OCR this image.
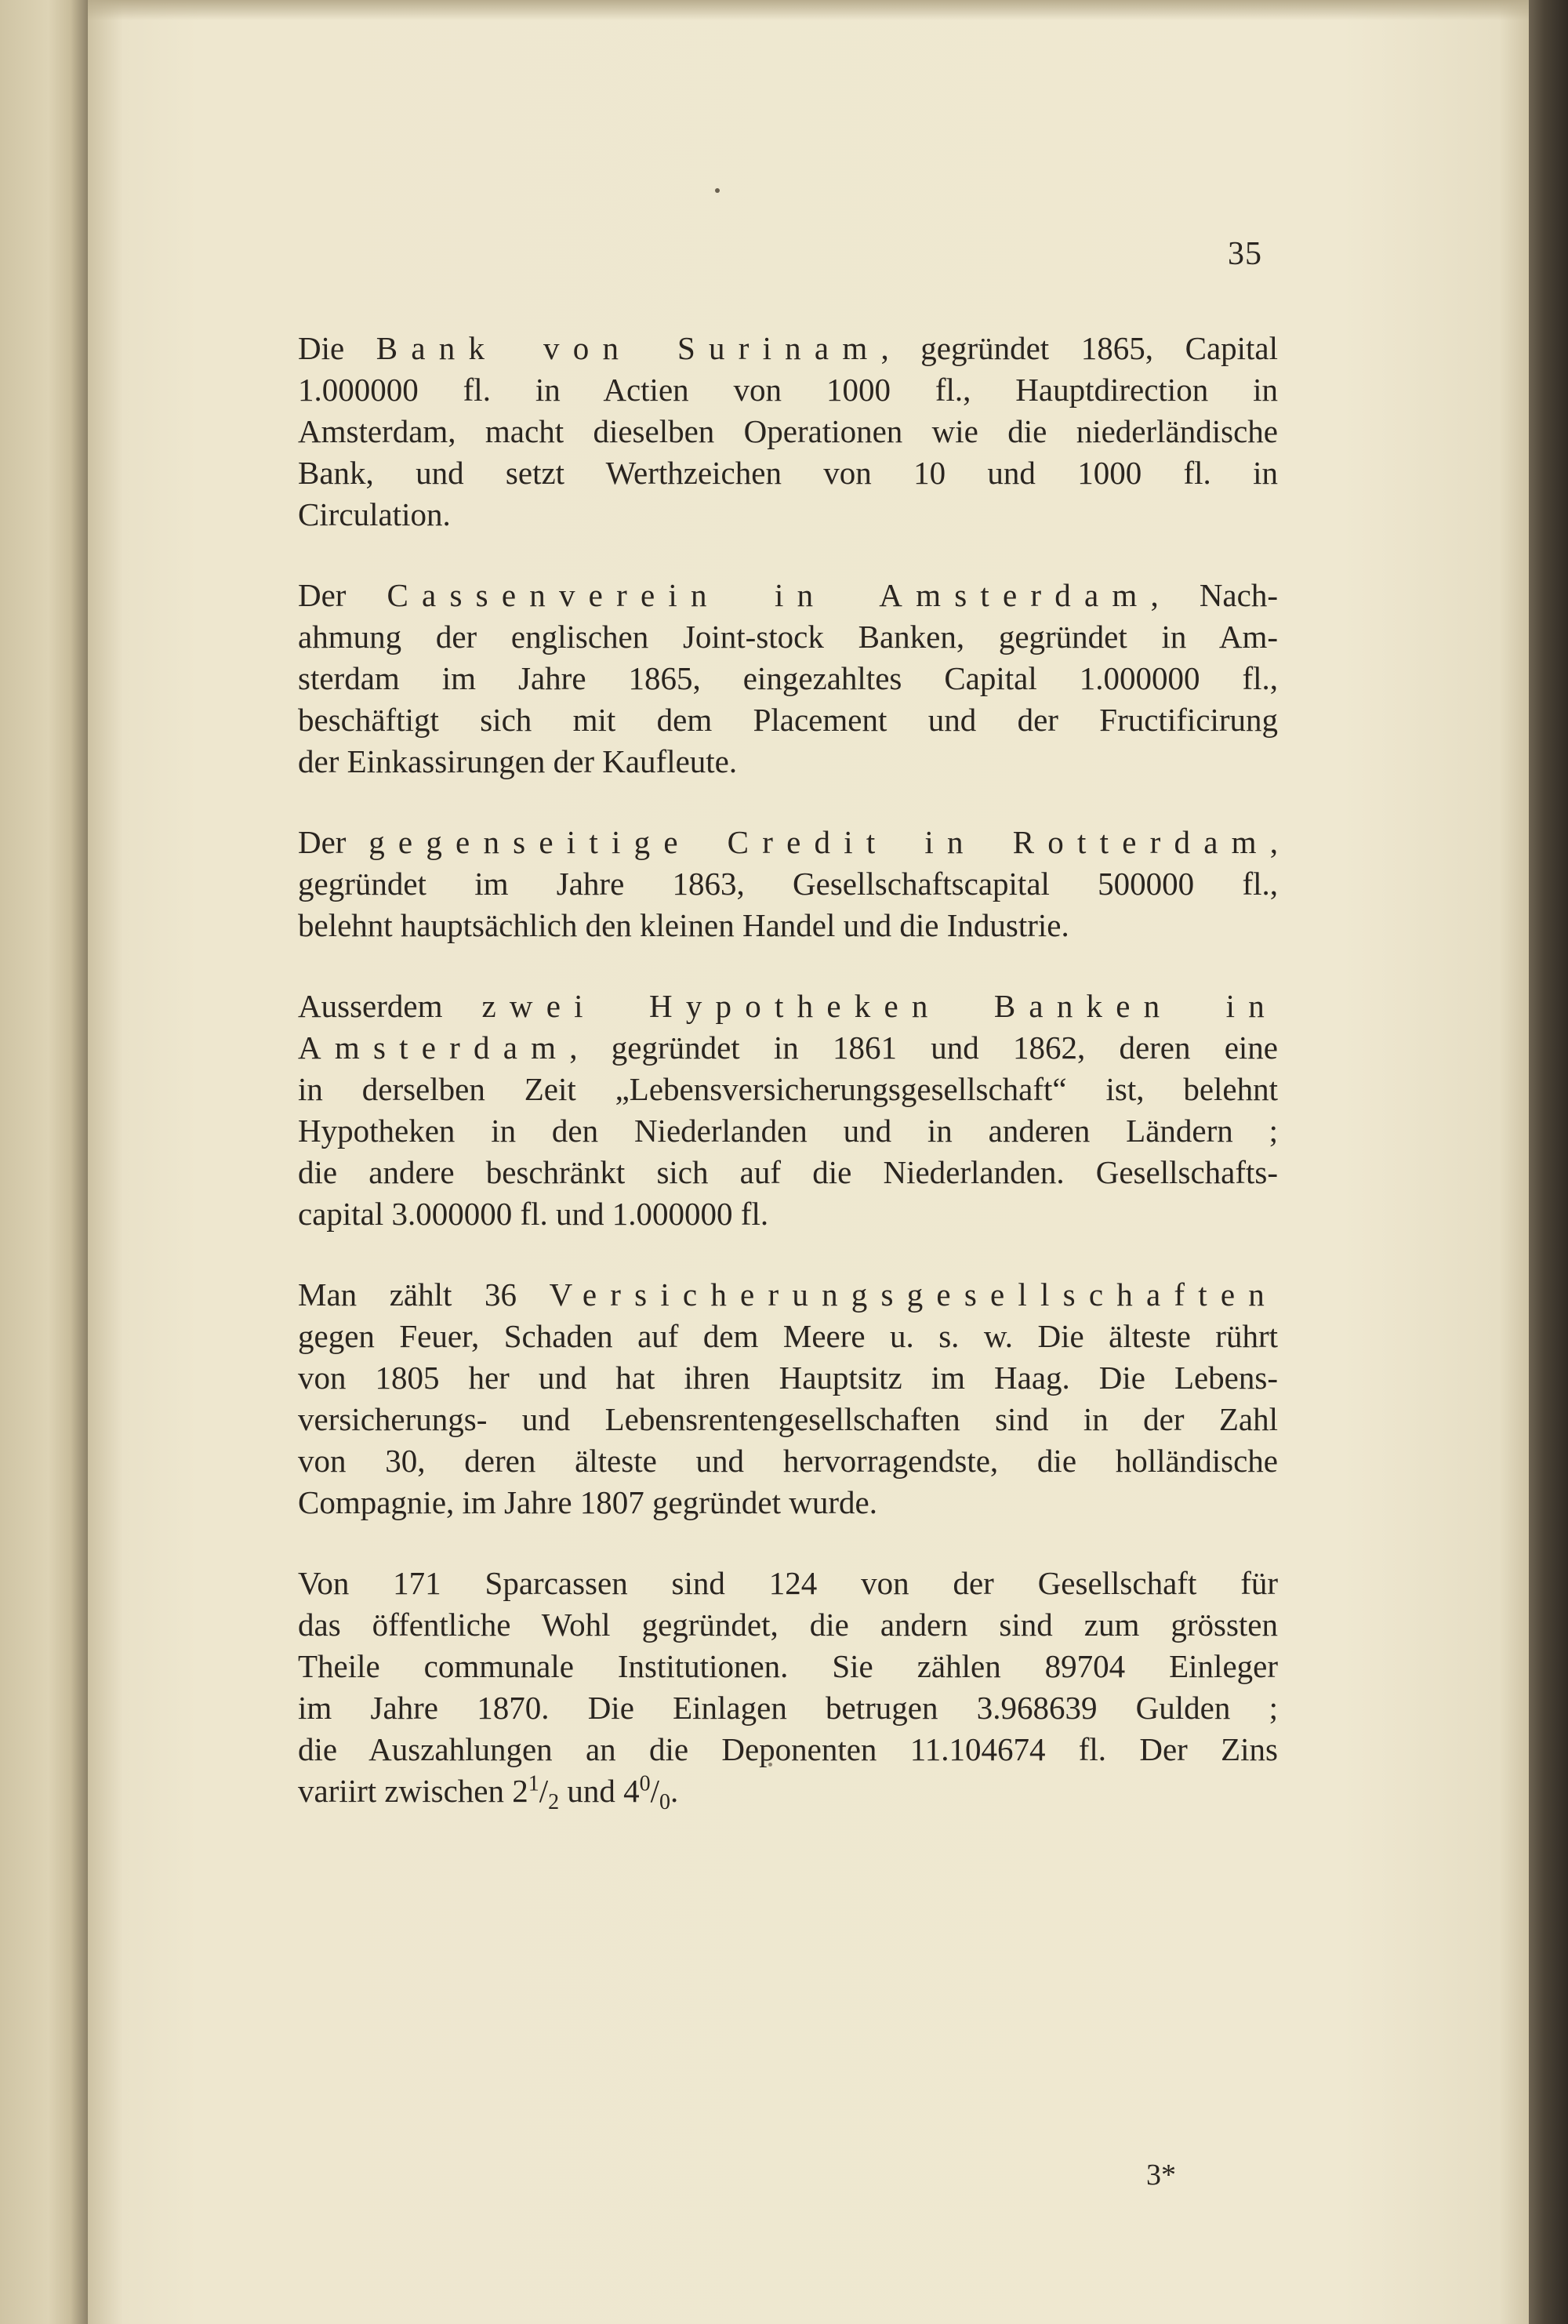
35
Die Bank von Surinam, gegründet 1865, Capital
1.000000 fl. in Actien von 1000 fl., Hauptdirection in
Amsterdam, macht dieselben Operationen wie die niederländische
Bank, und setzt Werthzeichen von 10 und 1000 fl. in
Circulation.
Der Cassenverein in Amsterdam, Nach-
ahmung der englischen Joint-stock Banken, gegründet in Am-
sterdam im Jahre 1865, eingezahltes Capital 1.000000 fl.,
beschäftigt sich mit dem Placement und der Fructificirung
der Einkassirungen der Kaufleute.
Der gegenseitige Credit in Rotterdam,
gegründet im Jahre 1863, Gesellschaftscapital 500000 fl.,
belehnt hauptsächlich den kleinen Handel und die Industrie.
Ausserdem zwei Hypotheken Banken in
Amsterdam, gegründet in 1861 und 1862, deren eine
in derselben Zeit „Lebensversicherungsgesellschaft“ ist, belehnt
Hypotheken in den Niederlanden und in anderen Ländern ;
die andere beschränkt sich auf die Niederlanden. Gesellschafts-
capital 3.000000 fl. und 1.000000 fl.
Man zählt 36 Versicherungsgesellschaften
gegen Feuer, Schaden auf dem Meere u. s. w. Die älteste rührt
von 1805 her und hat ihren Hauptsitz im Haag. Die Lebens-
versicherungs- und Lebensrentengesellschaften sind in der Zahl
von 30, deren älteste und hervorragendste, die holländische
Compagnie, im Jahre 1807 gegründet wurde.
Von 171 Sparcassen sind 124 von der Gesellschaft für
das öffentliche Wohl gegründet, die andern sind zum grössten
Theile communale Institutionen. Sie zählen 89704 Einleger
im Jahre 1870. Die Einlagen betrugen 3.968639 Gulden ;
die Auszahlungen an die Deponenten 11.104674 fl. Der Zins
variirt zwischen $2^1/_2$ und $4^0/_0$.
3*
